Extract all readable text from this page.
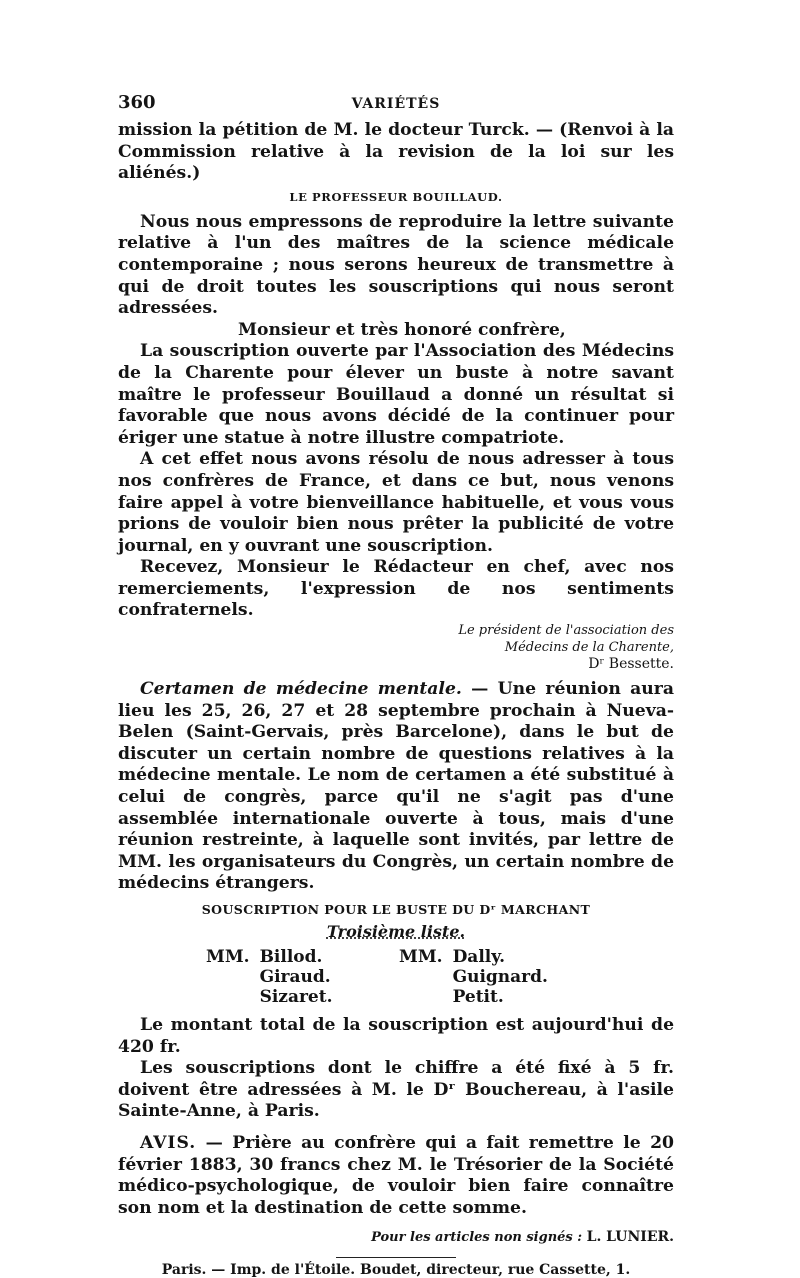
360	VARIÉTÉS

mission la pétition de M. le docteur Turck. — (Renvoi à la Commission relative à la revision de la loi sur les aliénés.)

LE PROFESSEUR BOUILLAUD.

Nous nous empressons de reproduire la lettre suivante relative à l'un des maîtres de la science médicale contemporaine ; nous serons heureux de transmettre à qui de droit toutes les souscriptions qui nous seront adressées.

Monsieur et très honoré confrère,

La souscription ouverte par l'Association des Médecins de la Charente pour élever un buste à notre savant maître le professeur Bouillaud a donné un résultat si favorable que nous avons décidé de la continuer pour ériger une statue à notre illustre compatriote.

A cet effet nous avons résolu de nous adresser à tous nos confrères de France, et dans ce but, nous venons faire appel à votre bienveillance habituelle, et vous vous prions de vouloir bien nous prêter la publicité de votre journal, en y ouvrant une souscription.

Recevez, Monsieur le Rédacteur en chef, avec nos remerciements, l'expression de nos sentiments confraternels.

Le président de l'association des
Médecins de la Charente,
Dʳ Bessette.

Certamen de médecine mentale. — Une réunion aura lieu les 25, 26, 27 et 28 septembre prochain à Nueva-Belen (Saint-Gervais, près Barcelone), dans le but de discuter un certain nombre de questions relatives à la médecine mentale. Le nom de certamen a été substitué à celui de congrès, parce qu'il ne s'agit pas d'une assemblée internationale ouverte à tous, mais d'une réunion restreinte, à laquelle sont invités, par lettre de MM. les organisateurs du Congrès, un certain nombre de médecins étrangers.

SOUSCRIPTION POUR LE BUSTE DU Dʳ MARCHANT
Troisième liste.
MM. Billod.	MM. Dally.
Giraud.	Guignard.
Sizaret.	Petit.

Le montant total de la souscription est aujourd'hui de 420 fr.

Les souscriptions dont le chiffre a été fixé à 5 fr. doivent être adressées à M. le Dʳ Bouchereau, à l'asile Sainte-Anne, à Paris.

AVIS. — Prière au confrère qui a fait remettre le 20 février 1883, 30 francs chez M. le Trésorier de la Société médico-psychologique, de vouloir bien faire connaître son nom et la destination de cette somme.

Pour les articles non signés : L. LUNIER.
Paris. — Imp. de l'Étoile. Boudet, directeur, rue Cassette, 1.
